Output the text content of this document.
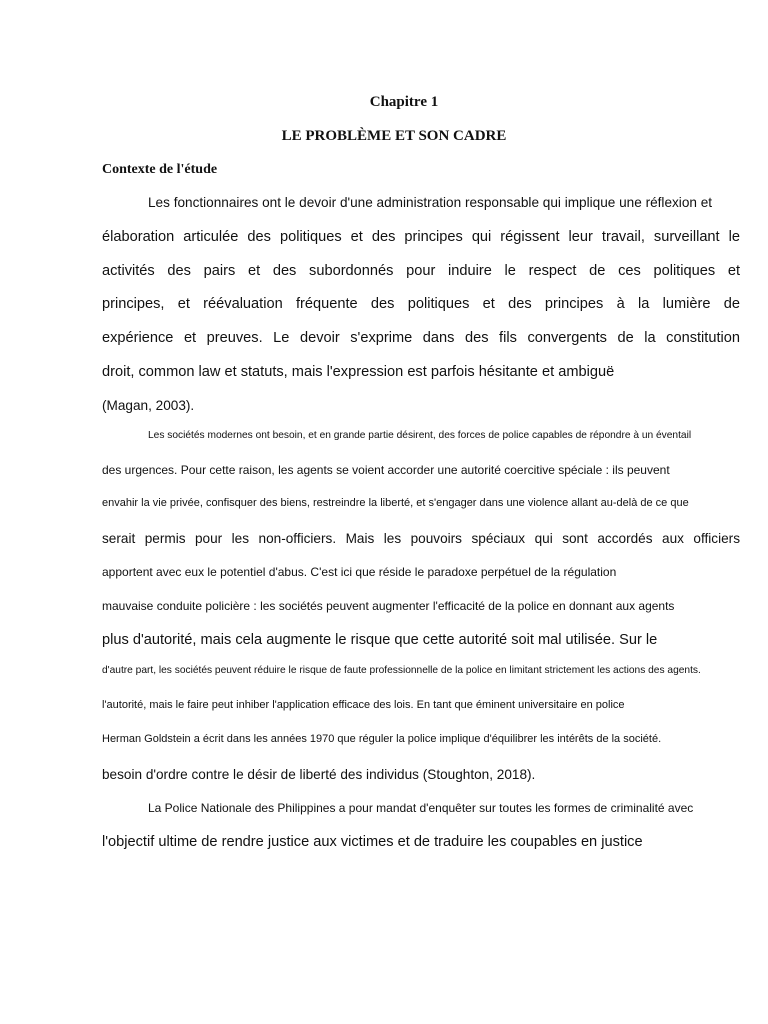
Chapitre 1
LE PROBLÈME ET SON CADRE
Contexte de l'étude
Les fonctionnaires ont le devoir d'une administration responsable qui implique une réflexion et
élaboration articulée des politiques et des principes qui régissent leur travail, surveillant le
activités des pairs et des subordonnés pour induire le respect de ces politiques et
principes, et réévaluation fréquente des politiques et des principes à la lumière de
expérience et preuves. Le devoir s'exprime dans des fils convergents de la constitution
droit, common law et statuts, mais l'expression est parfois hésitante et ambiguë
(Magan, 2003).
Les sociétés modernes ont besoin, et en grande partie désirent, des forces de police capables de répondre à un éventail
des urgences. Pour cette raison, les agents se voient accorder une autorité coercitive spéciale : ils peuvent
envahir la vie privée, confisquer des biens, restreindre la liberté, et s'engager dans une violence allant au-delà de ce que
serait permis pour les non-officiers. Mais les pouvoirs spéciaux qui sont accordés aux officiers
apportent avec eux le potentiel d'abus. C'est ici que réside le paradoxe perpétuel de la régulation
mauvaise conduite policière : les sociétés peuvent augmenter l'efficacité de la police en donnant aux agents
plus d'autorité, mais cela augmente le risque que cette autorité soit mal utilisée. Sur le
d'autre part, les sociétés peuvent réduire le risque de faute professionnelle de la police en limitant strictement les actions des agents.
l'autorité, mais le faire peut inhiber l'application efficace des lois. En tant que éminent universitaire en police
Herman Goldstein a écrit dans les années 1970 que réguler la police implique d'équilibrer les intérêts de la société.
besoin d'ordre contre le désir de liberté des individus (Stoughton, 2018).
La Police Nationale des Philippines a pour mandat d'enquêter sur toutes les formes de criminalité avec
l'objectif ultime de rendre justice aux victimes et de traduire les coupables en justice
